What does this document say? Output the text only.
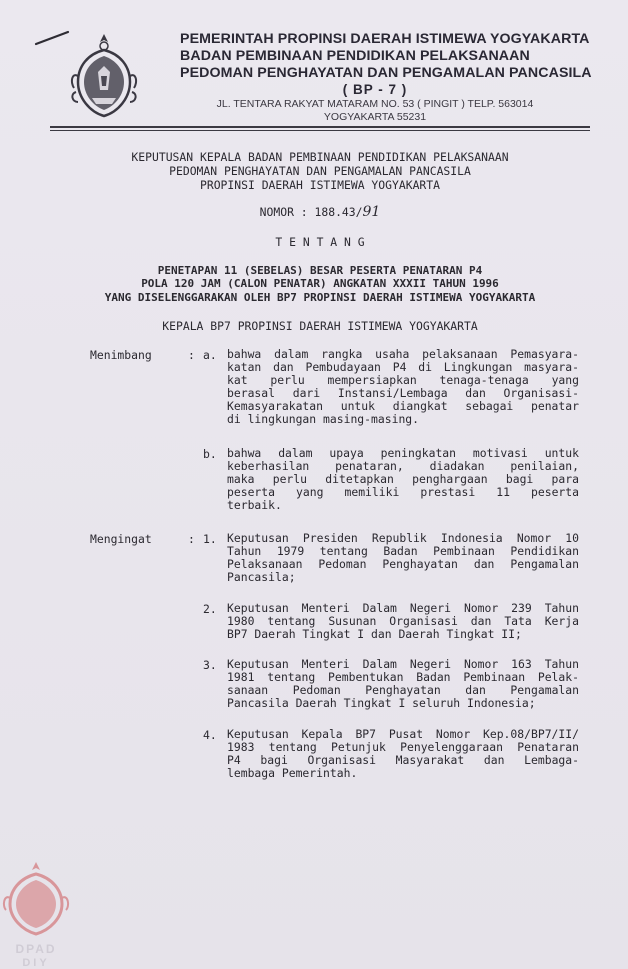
PEMERINTAH PROPINSI DAERAH ISTIMEWA YOGYAKARTA
BADAN PEMBINAAN PENDIDIKAN PELAKSANAAN
PEDOMAN PENGHAYATAN DAN PENGAMALAN PANCASILA
( BP - 7 )
JL. TENTARA RAKYAT MATARAM NO. 53 ( PINGIT ) TELP. 563014
YOGYAKARTA 55231
KEPUTUSAN KEPALA BADAN PEMBINAAN PENDIDIKAN PELAKSANAAN
PEDOMAN PENGHAYATAN DAN PENGAMALAN PANCASILA
PROPINSI DAERAH ISTIMEWA YOGYAKARTA
NOMOR : 188.43/91
T E N T A N G
PENETAPAN 11 (SEBELAS) BESAR PESERTA PENATARAN P4
POLA 120 JAM (CALON PENATAR) ANGKATAN XXXII TAHUN 1996
YANG DISELENGGARAKAN OLEH BP7 PROPINSI DAERAH ISTIMEWA YOGYAKARTA
KEPALA BP7 PROPINSI DAERAH ISTIMEWA YOGYAKARTA
Menimbang	: a. bahwa dalam rangka usaha pelaksanaan Pemasyara-
katan dan Pembudayaan P4 di Lingkungan masyara-
kat perlu mempersiapkan tenaga-tenaga yang
berasal dari Instansi/Lembaga dan Organisasi-
Kemasyarakatan untuk diangkat sebagai penatar
di lingkungan masing-masing.
b. bahwa dalam upaya peningkatan motivasi untuk
keberhasilan penataran, diadakan penilaian,
maka perlu ditetapkan penghargaan bagi para
peserta yang memiliki prestasi 11 peserta
terbaik.
Mengingat	: 1. Keputusan Presiden Republik Indonesia Nomor 10
Tahun 1979 tentang Badan Pembinaan Pendidikan
Pelaksanaan Pedoman Penghayatan dan Pengamalan
Pancasila;
2. Keputusan Menteri Dalam Negeri Nomor 239 Tahun
1980 tentang Susunan Organisasi dan Tata Kerja
BP7 Daerah Tingkat I dan Daerah Tingkat II;
3. Keputusan Menteri Dalam Negeri Nomor 163 Tahun
1981 tentang Pembentukan Badan Pembinaan Pelak-
sanaan Pedoman Penghayatan dan Pengamalan
Pancasila Daerah Tingkat I seluruh Indonesia;
4. Keputusan Kepala BP7 Pusat Nomor Kep.08/BP7/II/
1983 tentang Petunjuk Penyelenggaraan Penataran
P4 bagi Organisasi Masyarakat dan Lembaga-
lembaga Pemerintah.
DPAD
DIY
